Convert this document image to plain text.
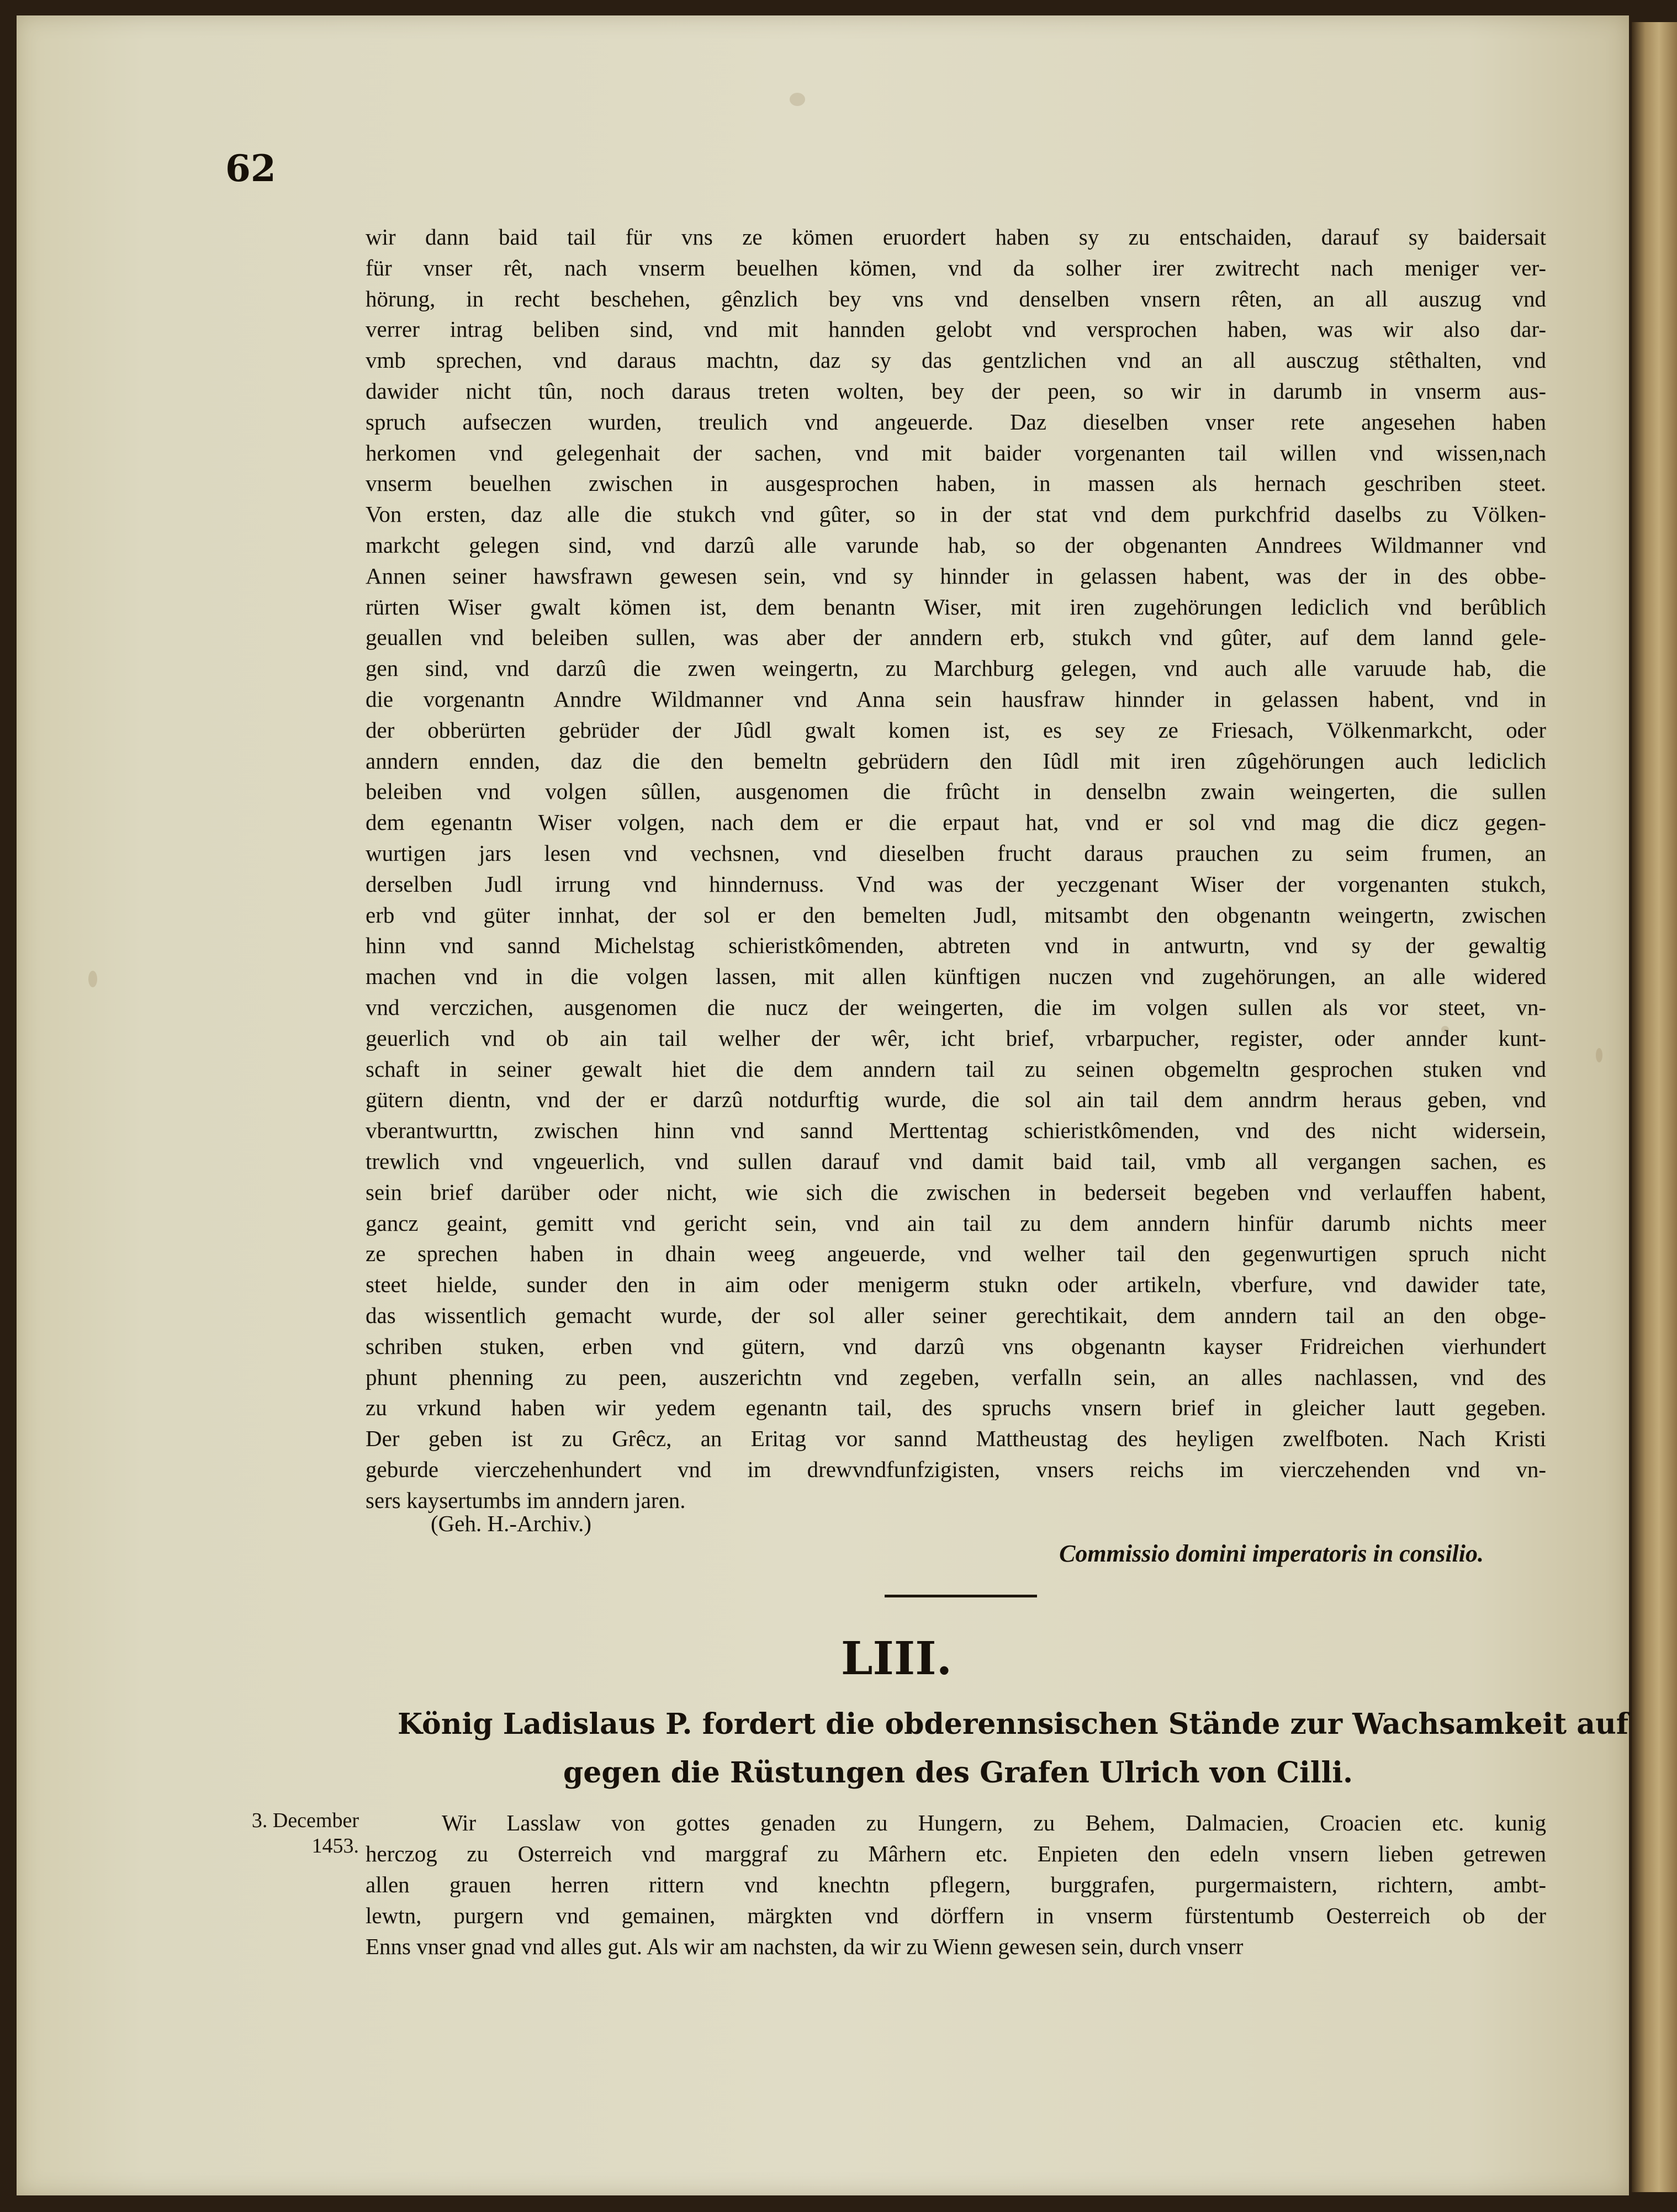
62

wir dann baid tail für vns ze kömen eruordert haben sy zu entschaiden, darauf sy baidersait

für vnser rêt, nach vnserm beuelhen kömen, vnd da solher irer zwitrecht nach meniger ver-

hörung, in recht beschehen, gênzlich bey vns vnd denselben vnsern rêten, an all auszug vnd

verrer intrag beliben sind, vnd mit hannden gelobt vnd versprochen haben, was wir also dar-

vmb sprechen, vnd daraus machtn, daz sy das gentzlichen vnd an all ausczug stêthalten, vnd

dawider nicht tûn, noch daraus treten wolten, bey der peen, so wir in darumb in vnserm aus-

spruch aufseczen wurden, treulich vnd angeuerde. Daz dieselben vnser rete angesehen haben

herkomen vnd gelegenhait der sachen, vnd mit baider vorgenanten tail willen vnd wissen,nach

vnserm beuelhen zwischen in ausgesprochen haben, in massen als hernach geschriben steet.

Von ersten, daz alle die stukch vnd gûter, so in der stat vnd dem purkchfrid daselbs zu Völken-

markcht gelegen sind, vnd darzû alle varunde hab, so der obgenanten Anndrees Wildmanner vnd

Annen seiner hawsfrawn gewesen sein, vnd sy hinnder in gelassen habent, was der in des obbe-

rürten Wiser gwalt kömen ist, dem benantn Wiser, mit iren zugehörungen lediclich vnd berûblich

geuallen vnd beleiben sullen, was aber der anndern erb, stukch vnd gûter, auf dem lannd gele-

gen sind, vnd darzû die zwen weingertn, zu Marchburg gelegen, vnd auch alle varuude hab, die

die vorgenantn Anndre Wildmanner vnd Anna sein hausfraw hinnder in gelassen habent, vnd in

der obberürten gebrüder der Jûdl gwalt komen ist, es sey ze Friesach, Völkenmarkcht, oder

anndern ennden, daz die den bemeltn gebrüdern den Iûdl mit iren zûgehörungen auch lediclich

beleiben vnd volgen sûllen, ausgenomen die frûcht in denselbn zwain weingerten, die sullen

dem egenantn Wiser volgen, nach dem er die erpaut hat, vnd er sol vnd mag die dicz gegen-

wurtigen jars lesen vnd vechsnen, vnd dieselben frucht daraus prauchen zu seim frumen, an

derselben Judl irrung vnd hinndernuss. Vnd was der yeczgenant Wiser der vorgenanten stukch,

erb vnd güter innhat, der sol er den bemelten Judl, mitsambt den obgenantn weingertn, zwischen

hinn vnd sannd Michelstag schieristkômenden, abtreten vnd in antwurtn, vnd sy der gewaltig

machen vnd in die volgen lassen, mit allen künftigen nuczen vnd zugehörungen, an alle widered

vnd verczichen, ausgenomen die nucz der weingerten, die im volgen sullen als vor steet, vn-

geuerlich vnd ob ain tail welher der wêr, icht brief, vrbarpucher, register, oder annder kunt-

schaft in seiner gewalt hiet die dem anndern tail zu seinen obgemeltn gesprochen stuken vnd

gütern dientn, vnd der er darzû notdurftig wurde, die sol ain tail dem anndrm heraus geben, vnd

vberantwurttn, zwischen hinn vnd sannd Merttentag schieristkômenden, vnd des nicht widersein,

trewlich vnd vngeuerlich, vnd sullen darauf vnd damit baid tail, vmb all vergangen sachen, es

sein brief darüber oder nicht, wie sich die zwischen in bederseit begeben vnd verlauffen habent,

gancz geaint, gemitt vnd gericht sein, vnd ain tail zu dem anndern hinfür darumb nichts meer

ze sprechen haben in dhain weeg angeuerde, vnd welher tail den gegenwurtigen spruch nicht

steet hielde, sunder den in aim oder menigerm stukn oder artikeln, vberfure, vnd dawider tate,

das wissentlich gemacht wurde, der sol aller seiner gerechtikait, dem anndern tail an den obge-

schriben stuken, erben vnd gütern, vnd darzû vns obgenantn kayser Fridreichen vierhundert

phunt phenning zu peen, auszerichtn vnd zegeben, verfalln sein, an alles nachlassen, vnd des

zu vrkund haben wir yedem egenantn tail, des spruchs vnsern brief in gleicher lautt gegeben.

Der geben ist zu Grêcz, an Eritag vor sannd Mattheustag des heyligen zwelfboten. Nach Kristi

geburde vierczehenhundert vnd im drewvndfunfzigisten, vnsers reichs im vierczehenden vnd vn-

sers kaysertumbs im anndern jaren.

(Geh. H.-Archiv.)

Commissio domini imperatoris in consilio.

LIII.
König Ladislaus P. fordert die obderennsischen Stände zur Wachsamkeit auf
gegen die Rüstungen des Grafen Ulrich von Cilli.
3. December
1453.

Wir Lasslaw von gottes genaden zu Hungern, zu Behem, Dalmacien, Croacien etc. kunig

herczog zu Osterreich vnd marggraf zu Mârhern etc. Enpieten den edeln vnsern lieben getrewen

allen grauen herren rittern vnd knechtn pflegern, burggrafen, purgermaistern, richtern, ambt-

lewtn, purgern vnd gemainen, märgkten vnd dörffern in vnserm fürstentumb Oesterreich ob der

Enns vnser gnad vnd alles gut. Als wir am nachsten, da wir zu Wienn gewesen sein, durch vnserr
